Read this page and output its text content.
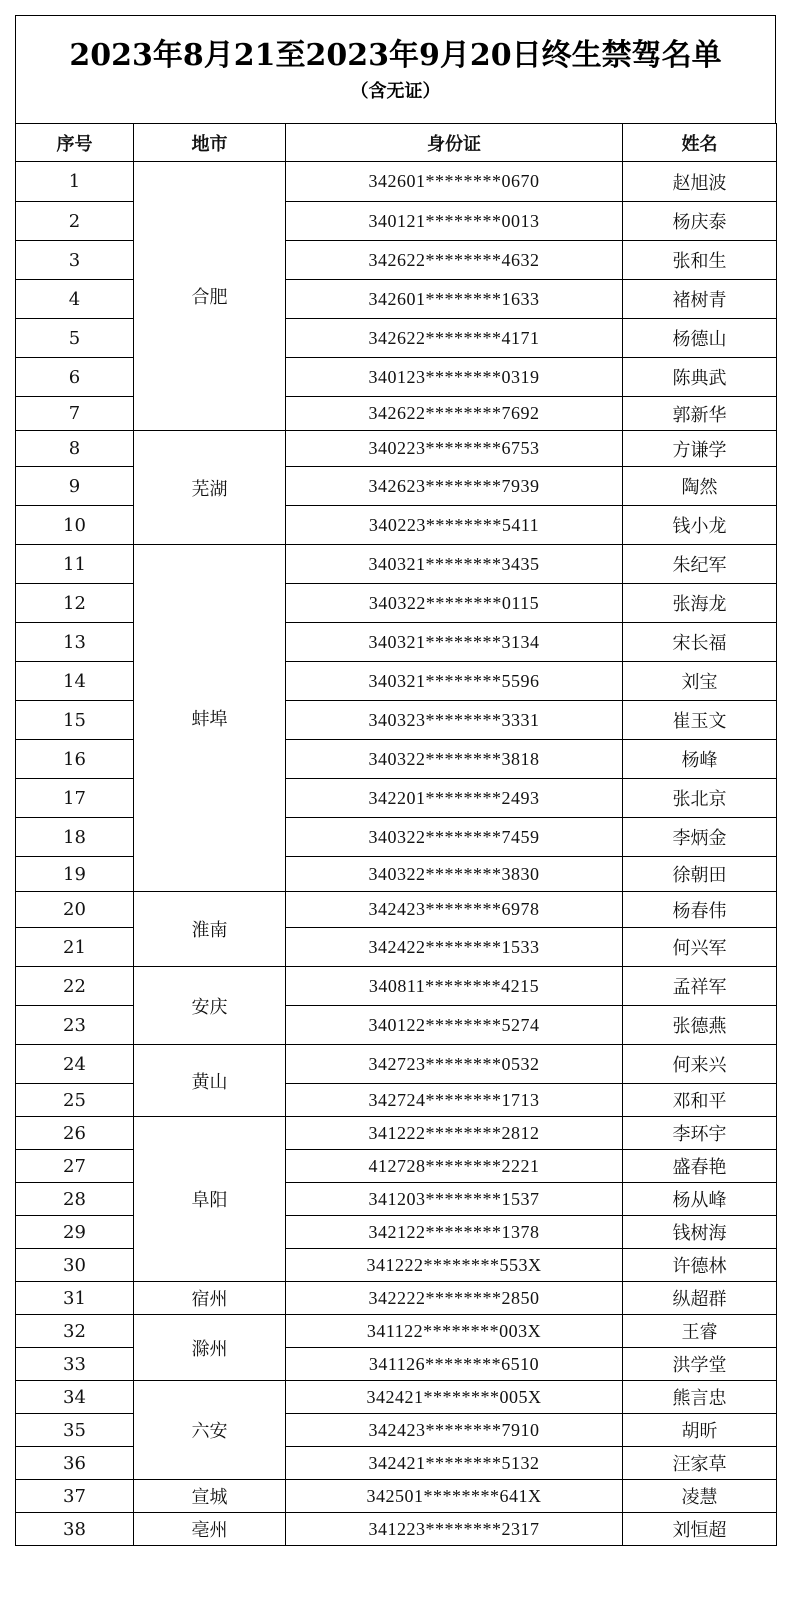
2023年8月21至2023年9月20日终生禁驾名单

（含无证）

序号	地市	身份证	姓名
1	合肥	342601********0670	赵旭波
2		340121********0013	杨庆泰
3		342622********4632	张和生
4		342601********1633	褚树青
5		342622********4171	杨德山
6		340123********0319	陈典武
7		342622********7692	郭新华
8	芜湖	340223********6753	方谦学
9		342623********7939	陶然
10		340223********5411	钱小龙
11	蚌埠	340321********3435	朱纪军
12		340322********0115	张海龙
13		340321********3134	宋长福
14		340321********5596	刘宝
15		340323********3331	崔玉文
16		340322********3818	杨峰
17		342201********2493	张北京
18		340322********7459	李炳金
19		340322********3830	徐朝田
20	淮南	342423********6978	杨春伟
21		342422********1533	何兴军
22	安庆	340811********4215	孟祥军
23		340122********5274	张德燕
24	黄山	342723********0532	何来兴
25		342724********1713	邓和平
26	阜阳	341222********2812	李环宇
27		412728********2221	盛春艳
28		341203********1537	杨从峰
29		342122********1378	钱树海
30		341222********553X	许德林
31	宿州	342222********2850	纵超群
32	滁州	341122********003X	王睿
33		341126********6510	洪学堂
34	六安	342421********005X	熊言忠
35		342423********7910	胡昕
36		342421********5132	汪家草
37	宣城	342501********641X	凌慧
38	亳州	341223********2317	刘恒超
